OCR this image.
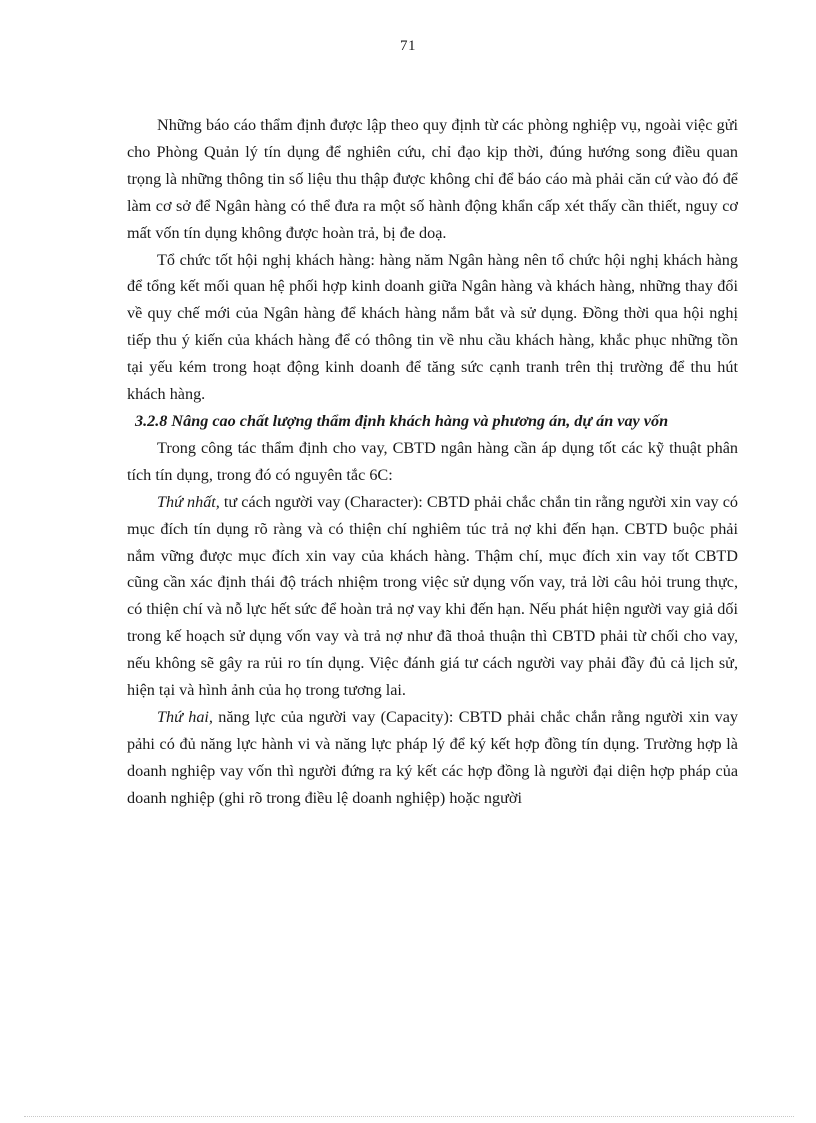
71

Những báo cáo thẩm định được lập theo quy định từ các phòng nghiệp vụ, ngoài việc gửi cho Phòng Quản lý tín dụng để nghiên cứu, chỉ đạo kịp thời, đúng hướng song điều quan trọng là những thông tin số liệu thu thập được không chỉ để báo cáo mà phải căn cứ vào đó để làm cơ sở để Ngân hàng có thể đưa ra một số hành động khẩn cấp xét thấy cần thiết, nguy cơ mất vốn tín dụng không được hoàn trả, bị đe doạ.

Tổ chức tốt hội nghị khách hàng: hàng năm Ngân hàng nên tổ chức hội nghị khách hàng để tổng kết mối quan hệ phối hợp kinh doanh giữa Ngân hàng và khách hàng, những thay đổi về quy chế mới của Ngân hàng để khách hàng nắm bắt và sử dụng. Đồng thời qua hội nghị tiếp thu ý kiến của khách hàng để có thông tin về nhu cầu khách hàng, khắc phục những tồn tại yếu kém trong hoạt động kinh doanh để tăng sức cạnh tranh trên thị trường để thu hút khách hàng.

3.2.8 Nâng cao chất lượng thẩm định khách hàng và phương án, dự án vay vốn

Trong công tác thẩm định cho vay, CBTD ngân hàng cần áp dụng tốt các kỹ thuật phân tích tín dụng, trong đó có nguyên tắc 6C:

Thứ nhất, tư cách người vay (Character): CBTD phải chắc chắn tin rằng người xin vay có mục đích tín dụng rõ ràng và có thiện chí nghiêm túc trả nợ khi đến hạn. CBTD buộc phải nắm vững được mục đích xin vay của khách hàng. Thậm chí, mục đích xin vay tốt CBTD cũng cần xác định thái độ trách nhiệm trong việc sử dụng vốn vay, trả lời câu hỏi trung thực, có thiện chí và nỗ lực hết sức để hoàn trả nợ vay khi đến hạn. Nếu phát hiện người vay giả dối trong kế hoạch sử dụng vốn vay và trả nợ như đã thoả thuận thì CBTD phải từ chối cho vay, nếu không sẽ gây ra rủi ro tín dụng. Việc đánh giá tư cách người vay phải đầy đủ cả lịch sử, hiện tại và hình ảnh của họ trong tương lai.

Thứ hai, năng lực của người vay (Capacity): CBTD phải chắc chắn rằng người xin vay pảhi có đủ năng lực hành vi và năng lực pháp lý để ký kết hợp đồng tín dụng. Trường hợp là doanh nghiệp vay vốn thì người đứng ra ký kết các hợp đồng là người đại diện hợp pháp của doanh nghiệp (ghi rõ trong điều lệ doanh nghiệp) hoặc người
